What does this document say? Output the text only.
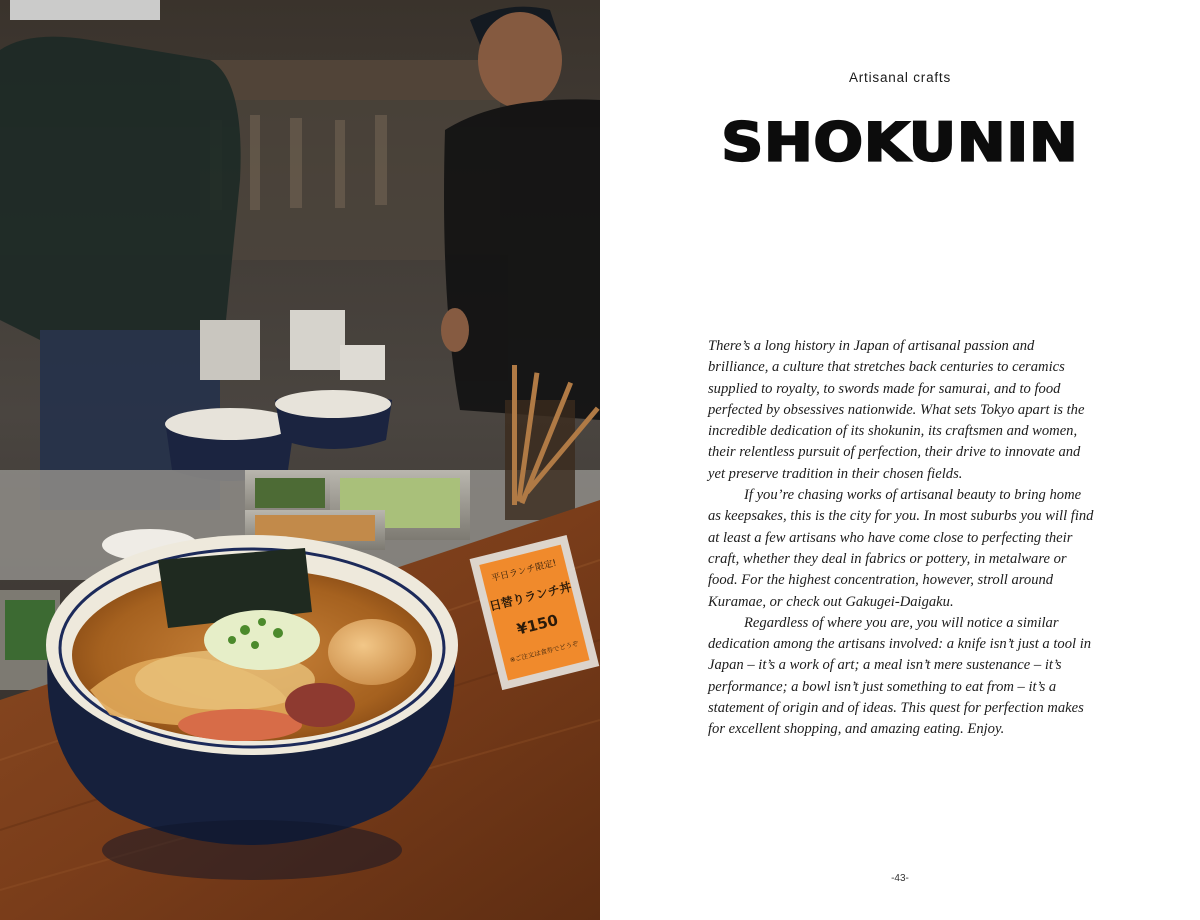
平日ランチ限定!
日替りランチ丼
¥150
※ご注文は食券でどうぞ
Artisanal crafts
SHOKUNIN

There’s a long history in Japan of artisanal passion and brilliance, a culture that stretches back centuries to ceramics supplied to royalty, to swords made for samurai, and to food perfected by obsessives nationwide. What sets Tokyo apart is the incredible dedication of its shokunin, its craftsmen and women, their relentless pursuit of perfection, their drive to innovate and yet preserve tradition in their chosen fields.

If you’re chasing works of artisanal beauty to bring home as keepsakes, this is the city for you. In most suburbs you will find at least a few artisans who have come close to perfecting their craft, whether they deal in fabrics or pottery, in metalware or food. For the highest concentration, however, stroll around Kuramae, or check out Gakugei-Daigaku.

Regardless of where you are, you will notice a similar dedication among the artisans involved: a knife isn’t just a tool in Japan – it’s a work of art; a meal isn’t mere sustenance – it’s performance; a bowl isn’t just something to eat from – it’s a statement of origin and of ideas. This quest for perfection makes for excellent shopping, and amazing eating. Enjoy.

-43-
